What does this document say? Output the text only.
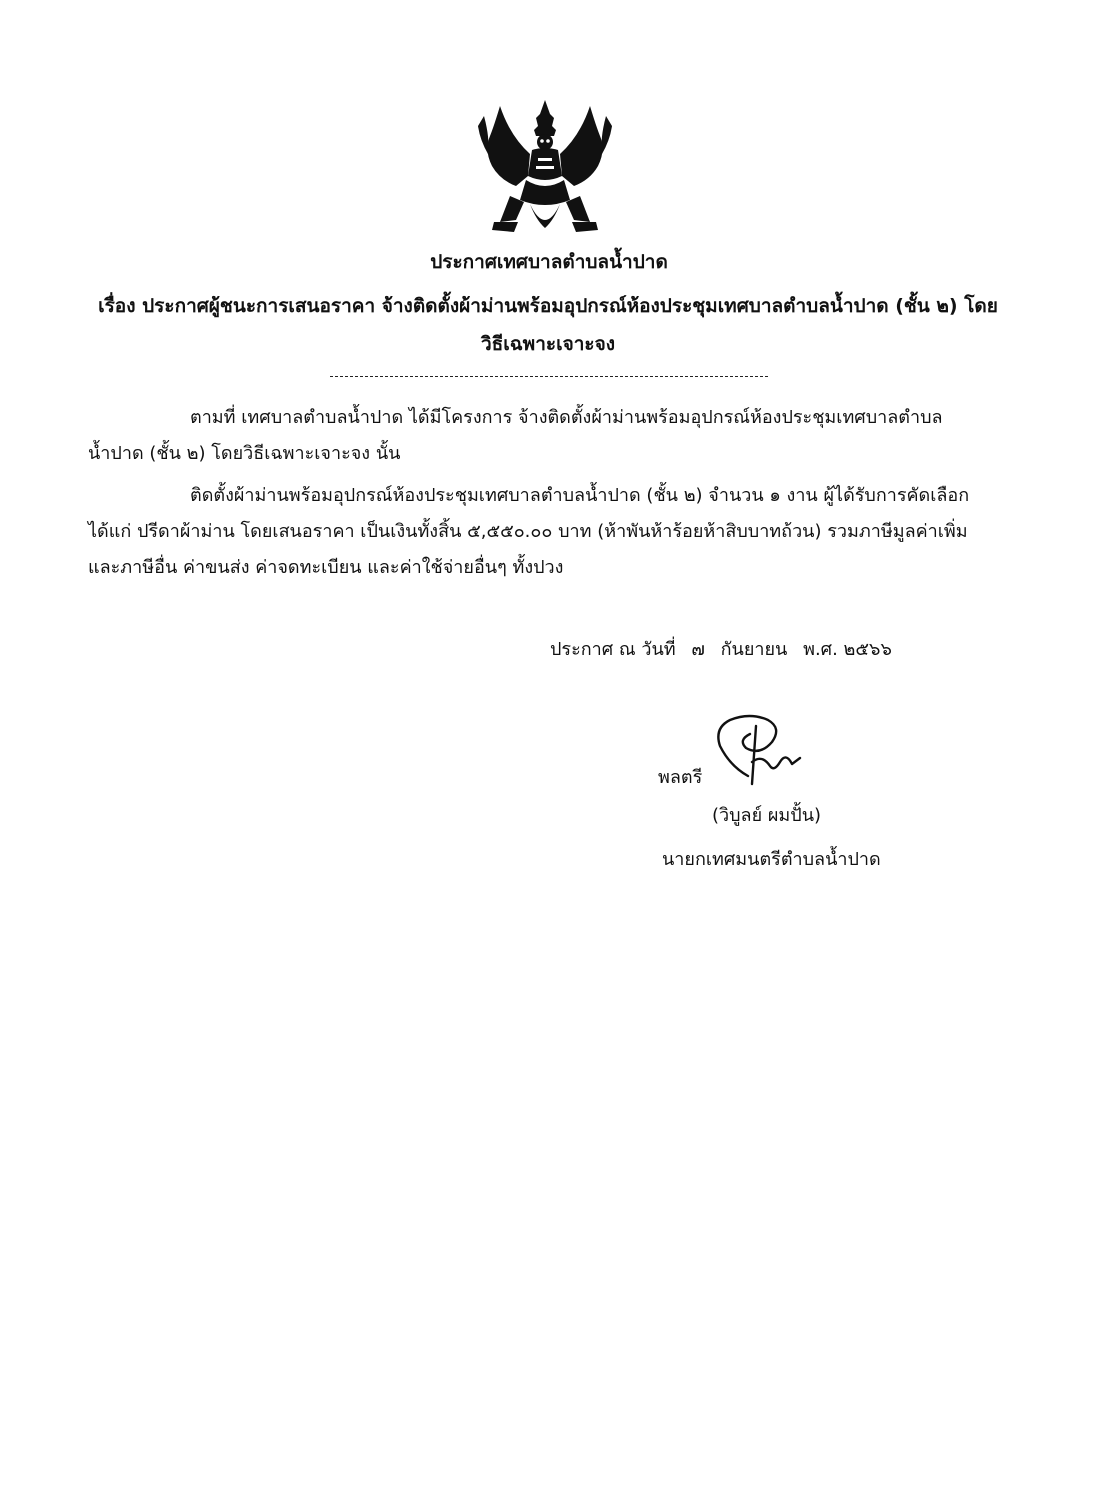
ประกาศเทศบาลตำบลน้ำปาด
เรื่อง ประกาศผู้ชนะการเสนอราคา จ้างติดตั้งผ้าม่านพร้อมอุปกรณ์ห้องประชุมเทศบาลตำบลน้ำปาด (ชั้น ๒) โดย
วิธีเฉพาะเจาะจง
ตามที่ เทศบาลตำบลน้ำปาด ได้มีโครงการ จ้างติดตั้งผ้าม่านพร้อมอุปกรณ์ห้องประชุมเทศบาลตำบล
น้ำปาด (ชั้น ๒) โดยวิธีเฉพาะเจาะจง นั้น
ติดตั้งผ้าม่านพร้อมอุปกรณ์ห้องประชุมเทศบาลตำบลน้ำปาด (ชั้น ๒) จำนวน ๑ งาน ผู้ได้รับการคัดเลือก
ได้แก่ ปรีดาผ้าม่าน โดยเสนอราคา เป็นเงินทั้งสิ้น ๕,๕๕๐.๐๐ บาท (ห้าพันห้าร้อยห้าสิบบาทถ้วน) รวมภาษีมูลค่าเพิ่ม
และภาษีอื่น ค่าขนส่ง ค่าจดทะเบียน และค่าใช้จ่ายอื่นๆ ทั้งปวง
ประกาศ ณ วันที่ ๗ กันยายน พ.ศ. ๒๕๖๖
พลตรี
(วิบูลย์ ผมปั้น)
นายกเทศมนตรีตำบลน้ำปาด
